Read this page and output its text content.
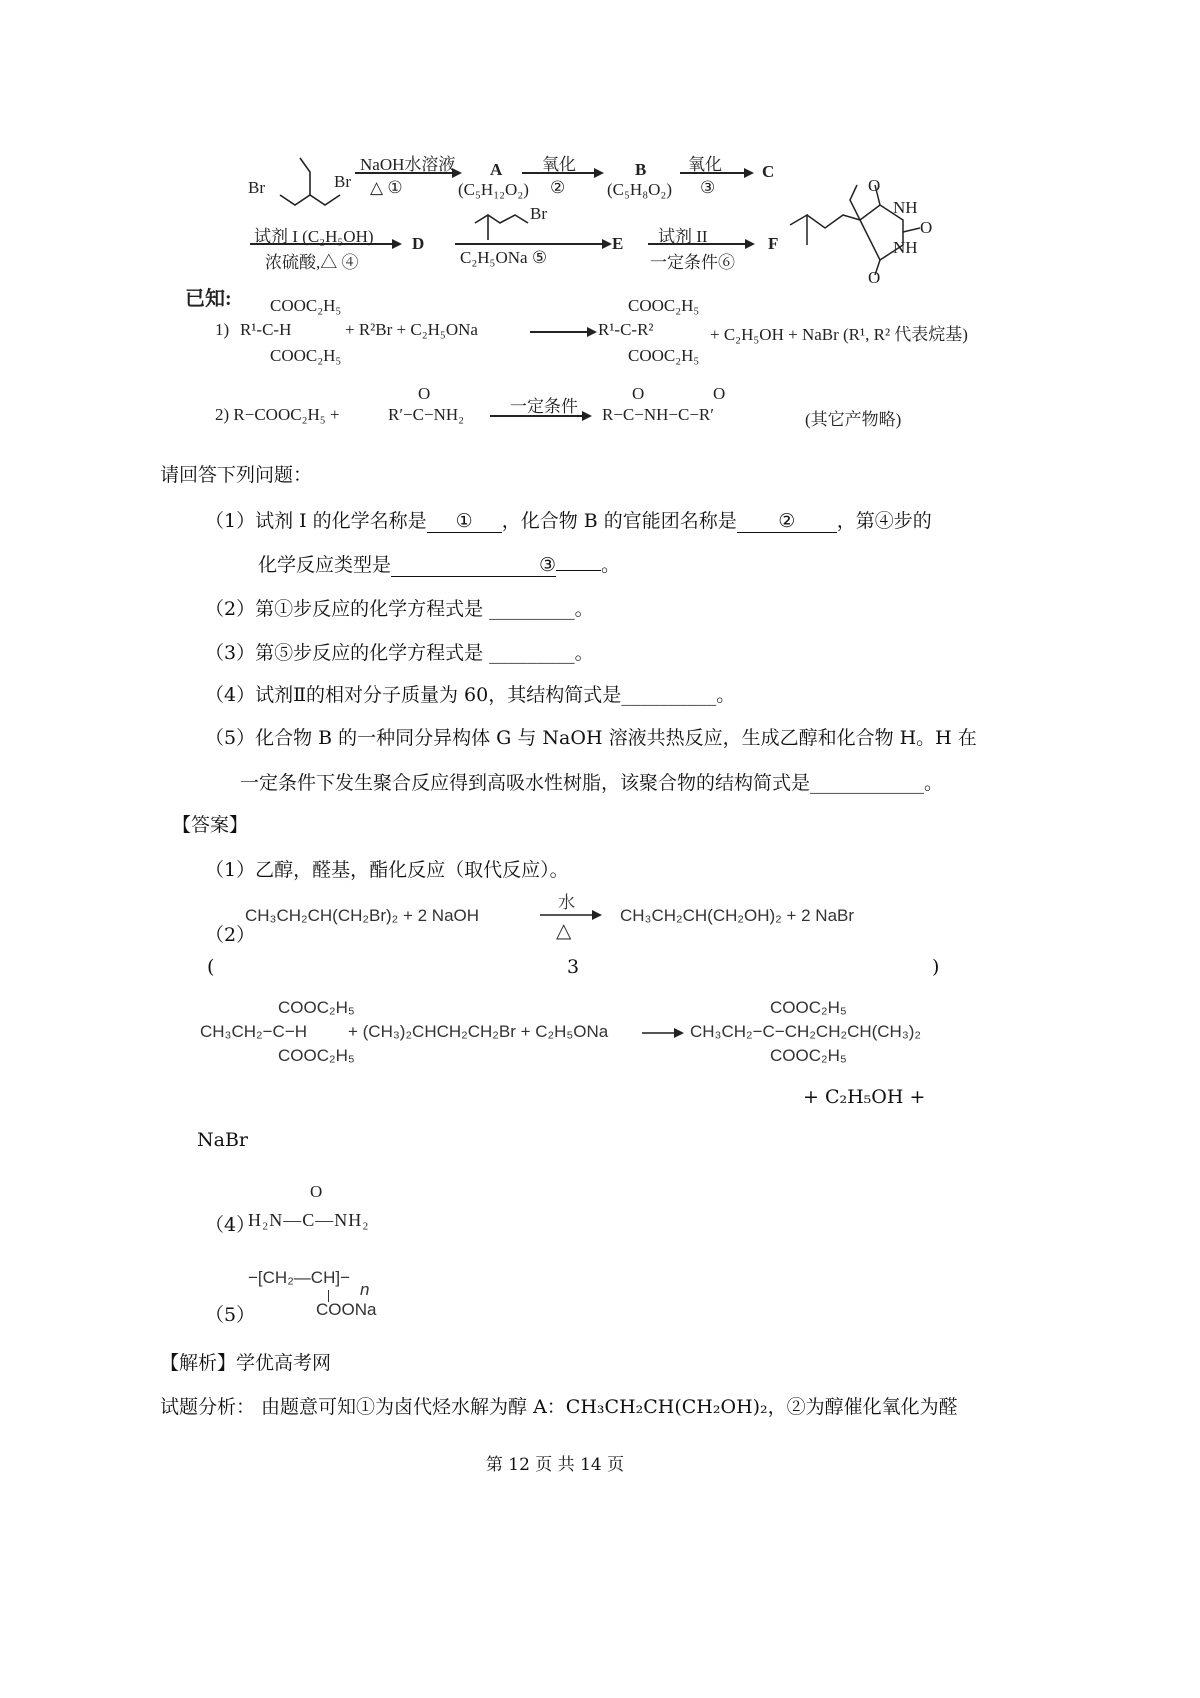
Br	Br
NaOH水溶液
△ ①
A
(C₅H₁₂O₂)
氧化
②
B
(C₅H₈O₂)
氧化
③
C
试剂 I (C₂H₅OH)
浓硫酸,△ ④
D
Br
C₂H₅ONa ⑤
E 试剂 II
一定条件⑥
F
O
NH
O
NH
O
已知:
1)
COOC₂H₅
R¹-C-H
COOC₂H₅
+ R²Br + C₂H₅ONa
COOC₂H₅
R¹-C-R²
COOC₂H₅
+ C₂H₅OH + NaBr (R¹, R² 代表烷基)
2) R−COOC₂H₅ +
O
R′−C−NH₂	一定条件
O	O
R−C−NH−C−R′	(其它产物略)
请回答下列问题：
（1）试剂 I 的化学名称是 ① ，化合物 B 的官能团名称是 ② ，第④步的
化学反应类型是	③ 。
（2）第①步反应的化学方程式是 _________。
（3）第⑤步反应的化学方程式是 _________。
（4）试剂Ⅱ的相对分子质量为 60，其结构简式是__________。
（5）化合物 B 的一种同分异构体 G 与 NaOH 溶液共热反应，生成乙醇和化合物 H。H 在
一定条件下发生聚合反应得到高吸水性树脂，该聚合物的结构简式是____________。
【答案】
（1）乙醇，醛基，酯化反应（取代反应）。
（2）
CH₃CH₂CH(CH₂Br)₂ + 2 NaOH
水
△
CH₃CH₂CH(CH₂OH)₂ + 2 NaBr
(	3	)
COOC₂H₅
CH₃CH₂−C−H
COOC₂H₅
+ (CH₃)₂CHCH₂CH₂Br + C₂H₅ONa
COOC₂H₅
CH₃CH₂−C−CH₂CH₂CH(CH₃)₂
COOC₂H₅
+ C₂H₅OH +
NaBr
（4）
O
H₂N—C—NH₂
（5）
−[CH₂—CH]−
n
COONa
【解析】学优高考网
试题分析： 由题意可知①为卤代烃水解为醇 A：CH₃CH₂CH(CH₂OH)₂，②为醇催化氧化为醛
第 12 页 共 14 页
